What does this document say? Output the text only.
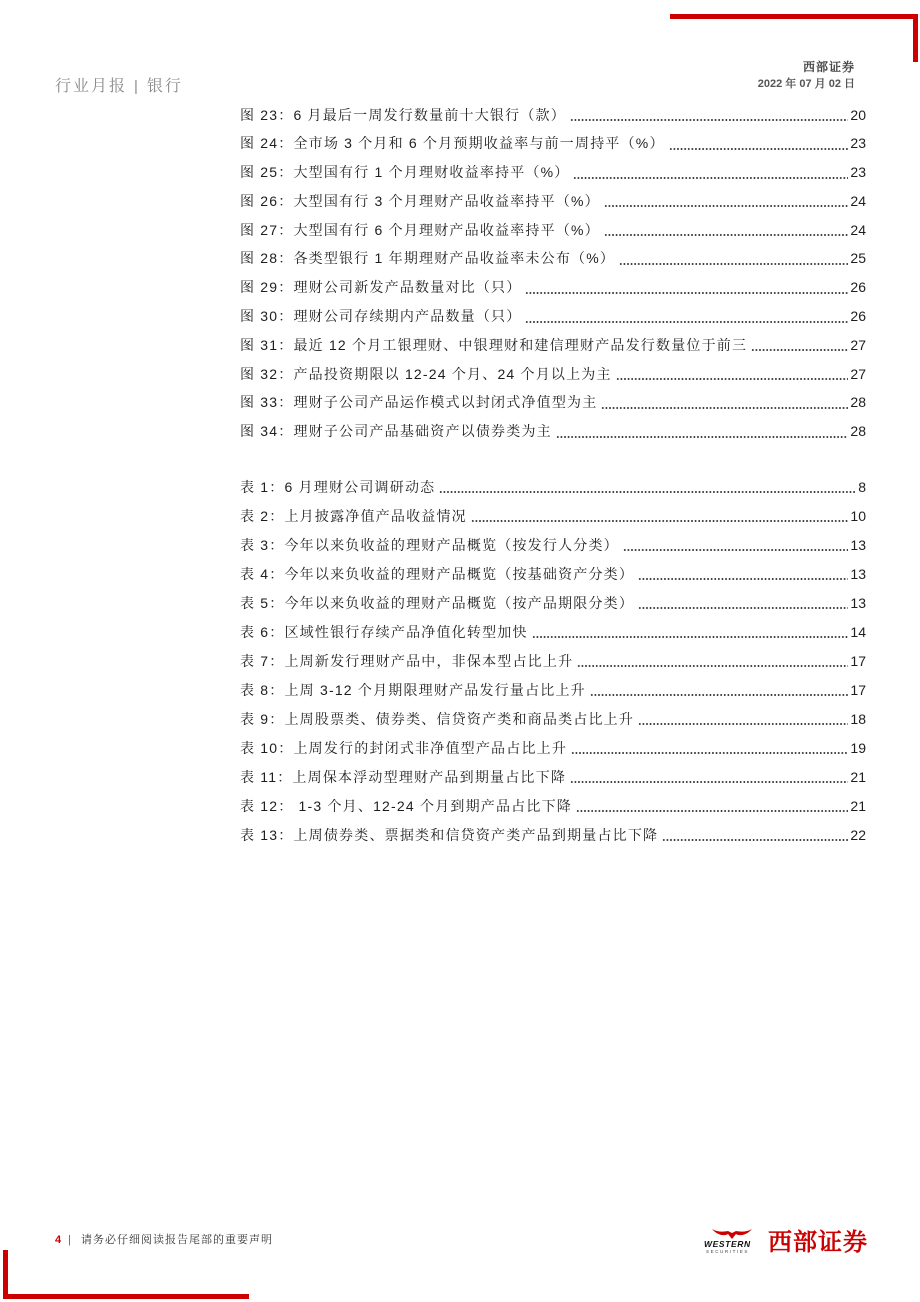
行业月报 | 银行
西部证券
2022 年 07 月 02 日
图 23：6 月最后一周发行数量前十大银行（款）	20
图 24：全市场 3 个月和 6 个月预期收益率与前一周持平（%）	23
图 25：大型国有行 1 个月理财收益率持平（%）	23
图 26：大型国有行 3 个月理财产品收益率持平（%）	24
图 27：大型国有行 6 个月理财产品收益率持平（%）	24
图 28：各类型银行 1 年期理财产品收益率未公布（%）	25
图 29：理财公司新发产品数量对比（只）	26
图 30：理财公司存续期内产品数量（只）	26
图 31：最近 12 个月工银理财、中银理财和建信理财产品发行数量位于前三	27
图 32：产品投资期限以 12-24 个月、24 个月以上为主	27
图 33：理财子公司产品运作模式以封闭式净值型为主	28
图 34：理财子公司产品基础资产以债券类为主	28
表 1：6 月理财公司调研动态	8
表 2：上月披露净值产品收益情况	10
表 3：今年以来负收益的理财产品概览（按发行人分类）	13
表 4：今年以来负收益的理财产品概览（按基础资产分类）	13
表 5：今年以来负收益的理财产品概览（按产品期限分类）	13
表 6：区域性银行存续产品净值化转型加快	14
表 7：上周新发行理财产品中，非保本型占比上升	17
表 8：上周 3-12 个月期限理财产品发行量占比上升	17
表 9：上周股票类、债券类、信贷资产类和商品类占比上升	18
表 10：上周发行的封闭式非净值型产品占比上升	19
表 11：上周保本浮动型理财产品到期量占比下降	21
表 12： 1-3 个月、12-24 个月到期产品占比下降	21
表 13：上周债券类、票据类和信贷资产类产品到期量占比下降	22
4 | 请务必仔细阅读报告尾部的重要声明	WESTERN
SECURITIES 西部证券
